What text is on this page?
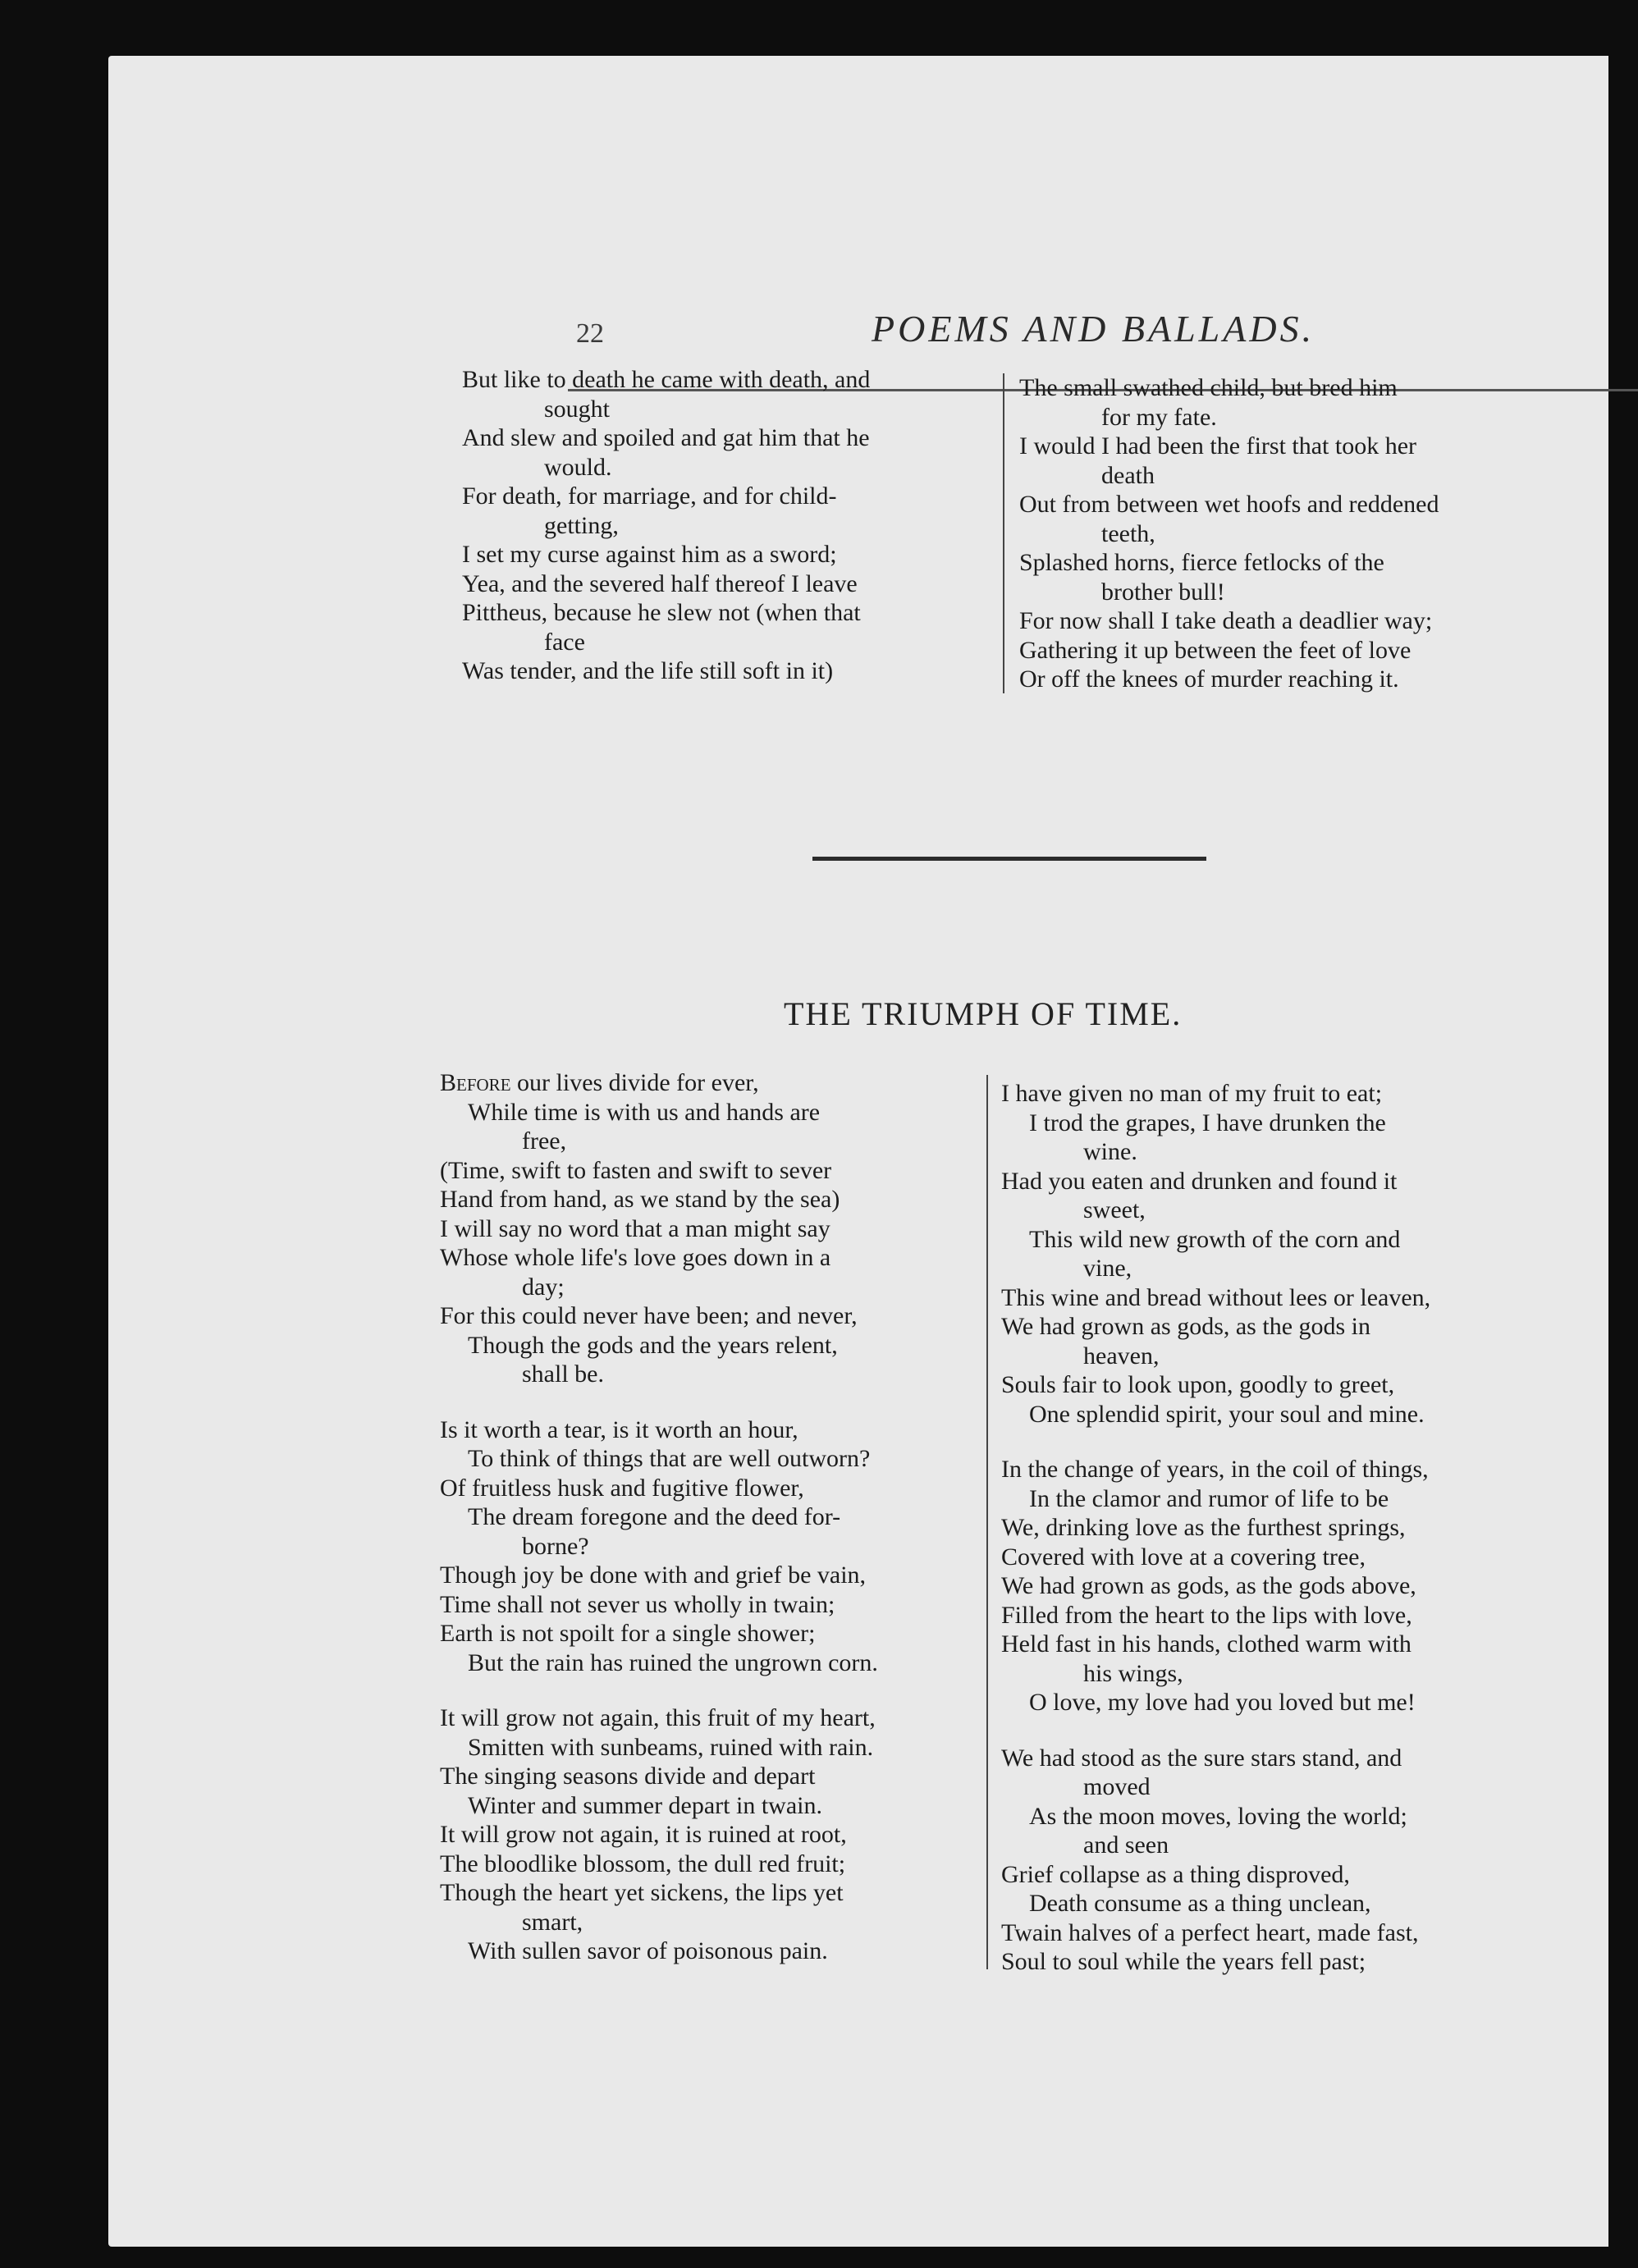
22	POEMS AND BALLADS.
But like to death he came with death, and
sought
And slew and spoiled and gat him that he
would.
For death, for marriage, and for child-
getting,
I set my curse against him as a sword;
Yea, and the severed half thereof I leave
Pittheus, because he slew not (when that
face
Was tender, and the life still soft in it)
The small swathed child, but bred him
for my fate.
I would I had been the first that took her
death
Out from between wet hoofs and reddened
teeth,
Splashed horns, fierce fetlocks of the
brother bull!
For now shall I take death a deadlier way;
Gathering it up between the feet of love
Or off the knees of murder reaching it.
THE TRIUMPH OF TIME.
Before our lives divide for ever,
While time is with us and hands are
free,
(Time, swift to fasten and swift to sever
Hand from hand, as we stand by the sea)
I will say no word that a man might say
Whose whole life's love goes down in a
day;
For this could never have been; and never,
Though the gods and the years relent,
shall be.
Is it worth a tear, is it worth an hour,
To think of things that are well outworn?
Of fruitless husk and fugitive flower,
The dream foregone and the deed for-
borne?
Though joy be done with and grief be vain,
Time shall not sever us wholly in twain;
Earth is not spoilt for a single shower;
But the rain has ruined the ungrown corn.
It will grow not again, this fruit of my heart,
Smitten with sunbeams, ruined with rain.
The singing seasons divide and depart
Winter and summer depart in twain.
It will grow not again, it is ruined at root,
The bloodlike blossom, the dull red fruit;
Though the heart yet sickens, the lips yet
smart,
With sullen savor of poisonous pain.
I have given no man of my fruit to eat;
I trod the grapes, I have drunken the
wine.
Had you eaten and drunken and found it
sweet,
This wild new growth of the corn and
vine,
This wine and bread without lees or leaven,
We had grown as gods, as the gods in
heaven,
Souls fair to look upon, goodly to greet,
One splendid spirit, your soul and mine.
In the change of years, in the coil of things,
In the clamor and rumor of life to be
We, drinking love as the furthest springs,
Covered with love at a covering tree,
We had grown as gods, as the gods above,
Filled from the heart to the lips with love,
Held fast in his hands, clothed warm with
his wings,
O love, my love had you loved but me!
We had stood as the sure stars stand, and
moved
As the moon moves, loving the world;
and seen
Grief collapse as a thing disproved,
Death consume as a thing unclean,
Twain halves of a perfect heart, made fast,
Soul to soul while the years fell past;
